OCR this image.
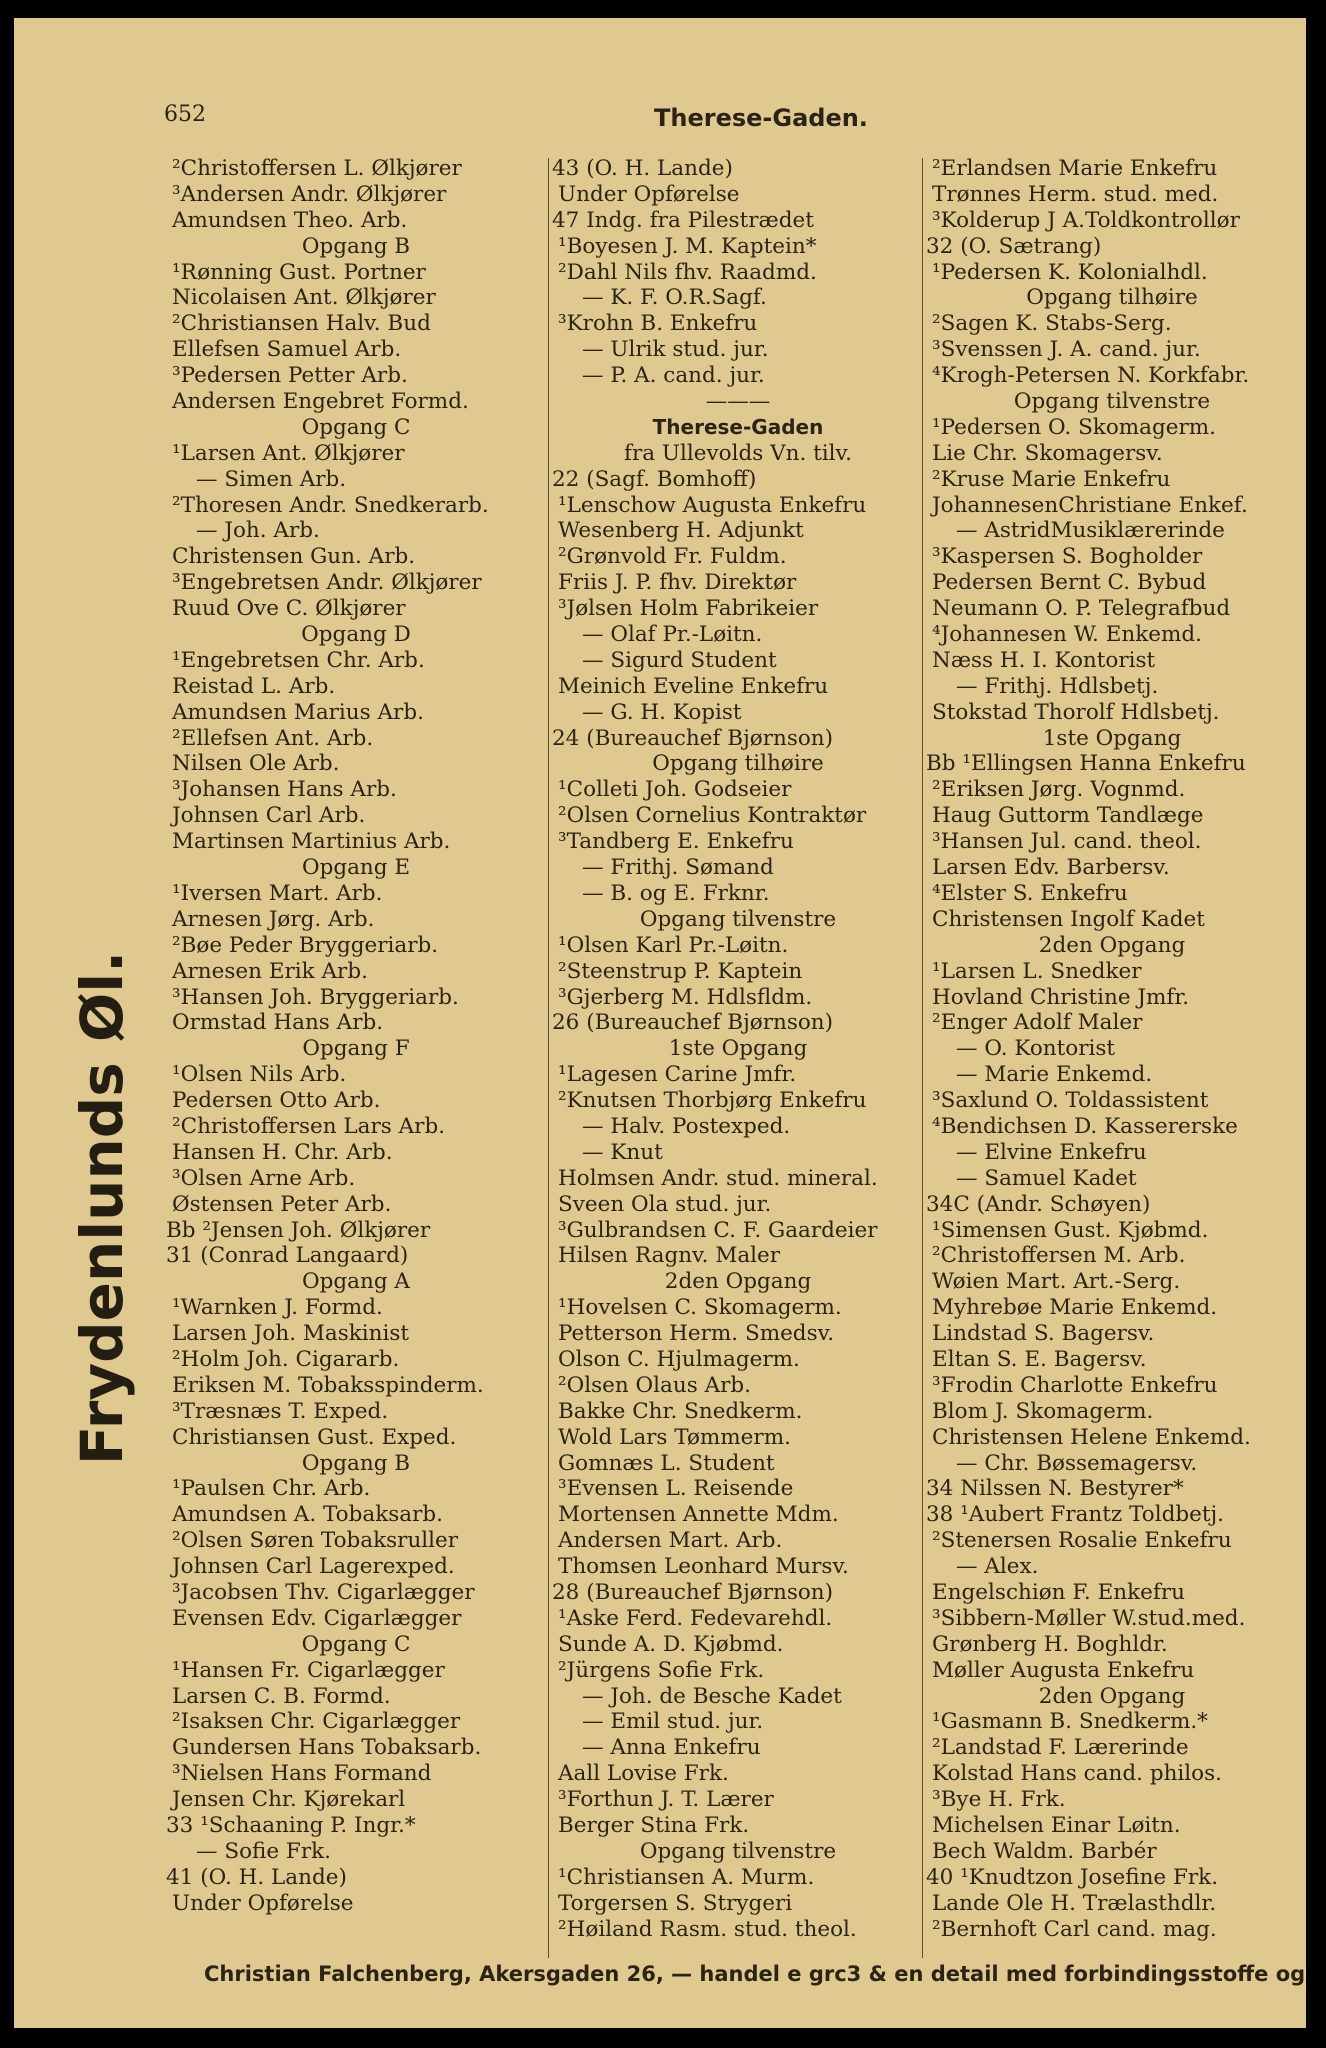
652	Therese-Gaden.
Frydenlunds Øl.
²Christoffersen L. Ølkjører
³Andersen Andr. Ølkjører
Amundsen Theo. Arb.
Opgang B
¹Rønning Gust. Portner
Nicolaisen Ant. Ølkjører
²Christiansen Halv. Bud
Ellefsen Samuel Arb.
³Pedersen Petter Arb.
Andersen Engebret Formd.
Opgang C
¹Larsen Ant. Ølkjører
— Simen Arb.
²Thoresen Andr. Snedkerarb.
— Joh. Arb.
Christensen Gun. Arb.
³Engebretsen Andr. Ølkjører
Ruud Ove C. Ølkjører
Opgang D
¹Engebretsen Chr. Arb.
Reistad L. Arb.
Amundsen Marius Arb.
²Ellefsen Ant. Arb.
Nilsen Ole Arb.
³Johansen Hans Arb.
Johnsen Carl Arb.
Martinsen Martinius Arb.
Opgang E
¹Iversen Mart. Arb.
Arnesen Jørg. Arb.
²Bøe Peder Bryggeriarb.
Arnesen Erik Arb.
³Hansen Joh. Bryggeriarb.
Ormstad Hans Arb.
Opgang F
¹Olsen Nils Arb.
Pedersen Otto Arb.
²Christoffersen Lars Arb.
Hansen H. Chr. Arb.
³Olsen Arne Arb.
Østensen Peter Arb.
Bb ²Jensen Joh. Ølkjører
31 (Conrad Langaard)
Opgang A
¹Warnken J. Formd.
Larsen Joh. Maskinist
²Holm Joh. Cigararb.
Eriksen M. Tobaksspinderm.
³Træsnæs T. Exped.
Christiansen Gust. Exped.
Opgang B
¹Paulsen Chr. Arb.
Amundsen A. Tobaksarb.
²Olsen Søren Tobaksruller
Johnsen Carl Lagerexped.
³Jacobsen Thv. Cigarlægger
Evensen Edv. Cigarlægger
Opgang C
¹Hansen Fr. Cigarlægger
Larsen C. B. Formd.
²Isaksen Chr. Cigarlægger
Gundersen Hans Tobaksarb.
³Nielsen Hans Formand
Jensen Chr. Kjørekarl
33 ¹Schaaning P. Ingr.*
— Sofie Frk.
41 (O. H. Lande)
Under Opførelse
43 (O. H. Lande)
Under Opførelse
47 Indg. fra Pilestrædet
¹Boyesen J. M. Kaptein*
²Dahl Nils fhv. Raadmd.
— K. F. O.R.Sagf.
³Krohn B. Enkefru
— Ulrik stud. jur.
— P. A. cand. jur.
———
Therese-Gaden
fra Ullevolds Vn. tilv.
22 (Sagf. Bomhoff)
¹Lenschow Augusta Enkefru
Wesenberg H. Adjunkt
²Grønvold Fr. Fuldm.
Friis J. P. fhv. Direktør
³Jølsen Holm Fabrikeier
— Olaf Pr.-Løitn.
— Sigurd Student
Meinich Eveline Enkefru
— G. H. Kopist
24 (Bureauchef Bjørnson)
Opgang tilhøire
¹Colleti Joh. Godseier
²Olsen Cornelius Kontraktør
³Tandberg E. Enkefru
— Frithj. Sømand
— B. og E. Frknr.
Opgang tilvenstre
¹Olsen Karl Pr.-Løitn.
²Steenstrup P. Kaptein
³Gjerberg M. Hdlsfldm.
26 (Bureauchef Bjørnson)
1ste Opgang
¹Lagesen Carine Jmfr.
²Knutsen Thorbjørg Enkefru
— Halv. Postexped.
— Knut
Holmsen Andr. stud. mineral.
Sveen Ola stud. jur.
³Gulbrandsen C. F. Gaardeier
Hilsen Ragnv. Maler
2den Opgang
¹Hovelsen C. Skomagerm.
Petterson Herm. Smedsv.
Olson C. Hjulmagerm.
²Olsen Olaus Arb.
Bakke Chr. Snedkerm.
Wold Lars Tømmerm.
Gomnæs L. Student
³Evensen L. Reisende
Mortensen Annette Mdm.
Andersen Mart. Arb.
Thomsen Leonhard Mursv.
28 (Bureauchef Bjørnson)
¹Aske Ferd. Fedevarehdl.
Sunde A. D. Kjøbmd.
²Jürgens Sofie Frk.
— Joh. de Besche Kadet
— Emil stud. jur.
— Anna Enkefru
Aall Lovise Frk.
³Forthun J. T. Lærer
Berger Stina Frk.
Opgang tilvenstre
¹Christiansen A. Murm.
Torgersen S. Strygeri
²Høiland Rasm. stud. theol.
²Erlandsen Marie Enkefru
Trønnes Herm. stud. med.
³Kolderup J A.Toldkontrollør
32 (O. Sætrang)
¹Pedersen K. Kolonialhdl.
Opgang tilhøire
²Sagen K. Stabs-Serg.
³Svenssen J. A. cand. jur.
⁴Krogh-Petersen N. Korkfabr.
Opgang tilvenstre
¹Pedersen O. Skomagerm.
Lie Chr. Skomagersv.
²Kruse Marie Enkefru
JohannesenChristiane Enkef.
— AstridMusiklærerinde
³Kaspersen S. Bogholder
Pedersen Bernt C. Bybud
Neumann O. P. Telegrafbud
⁴Johannesen W. Enkemd.
Næss H. I. Kontorist
— Frithj. Hdlsbetj.
Stokstad Thorolf Hdlsbetj.
1ste Opgang
Bb ¹Ellingsen Hanna Enkefru
²Eriksen Jørg. Vognmd.
Haug Guttorm Tandlæge
³Hansen Jul. cand. theol.
Larsen Edv. Barbersv.
⁴Elster S. Enkefru
Christensen Ingolf Kadet
2den Opgang
¹Larsen L. Snedker
Hovland Christine Jmfr.
²Enger Adolf Maler
— O. Kontorist
— Marie Enkemd.
³Saxlund O. Toldassistent
⁴Bendichsen D. Kassererske
— Elvine Enkefru
— Samuel Kadet
34C (Andr. Schøyen)
¹Simensen Gust. Kjøbmd.
²Christoffersen M. Arb.
Wøien Mart. Art.-Serg.
Myhrebøe Marie Enkemd.
Lindstad S. Bagersv.
Eltan S. E. Bagersv.
³Frodin Charlotte Enkefru
Blom J. Skomagerm.
Christensen Helene Enkemd.
— Chr. Bøssemagersv.
34 Nilssen N. Bestyrer*
38 ¹Aubert Frantz Toldbetj.
²Stenersen Rosalie Enkefru
— Alex.
Engelschiøn F. Enkefru
³Sibbern-Møller W.stud.med.
Grønberg H. Boghldr.
Møller Augusta Enkefru
2den Opgang
¹Gasmann B. Snedkerm.*
²Landstad F. Lærerinde
Kolstad Hans cand. philos.
³Bye H. Frk.
Michelsen Einar Løitn.
Bech Waldm. Barbér
40 ¹Knudtzon Josefine Frk.
Lande Ole H. Trælasthdlr.
²Bernhoft Carl cand. mag.
Christian Falchenberg, Akersgaden 26, — handel e grc3 & en detail med forbindingsstoffe og
